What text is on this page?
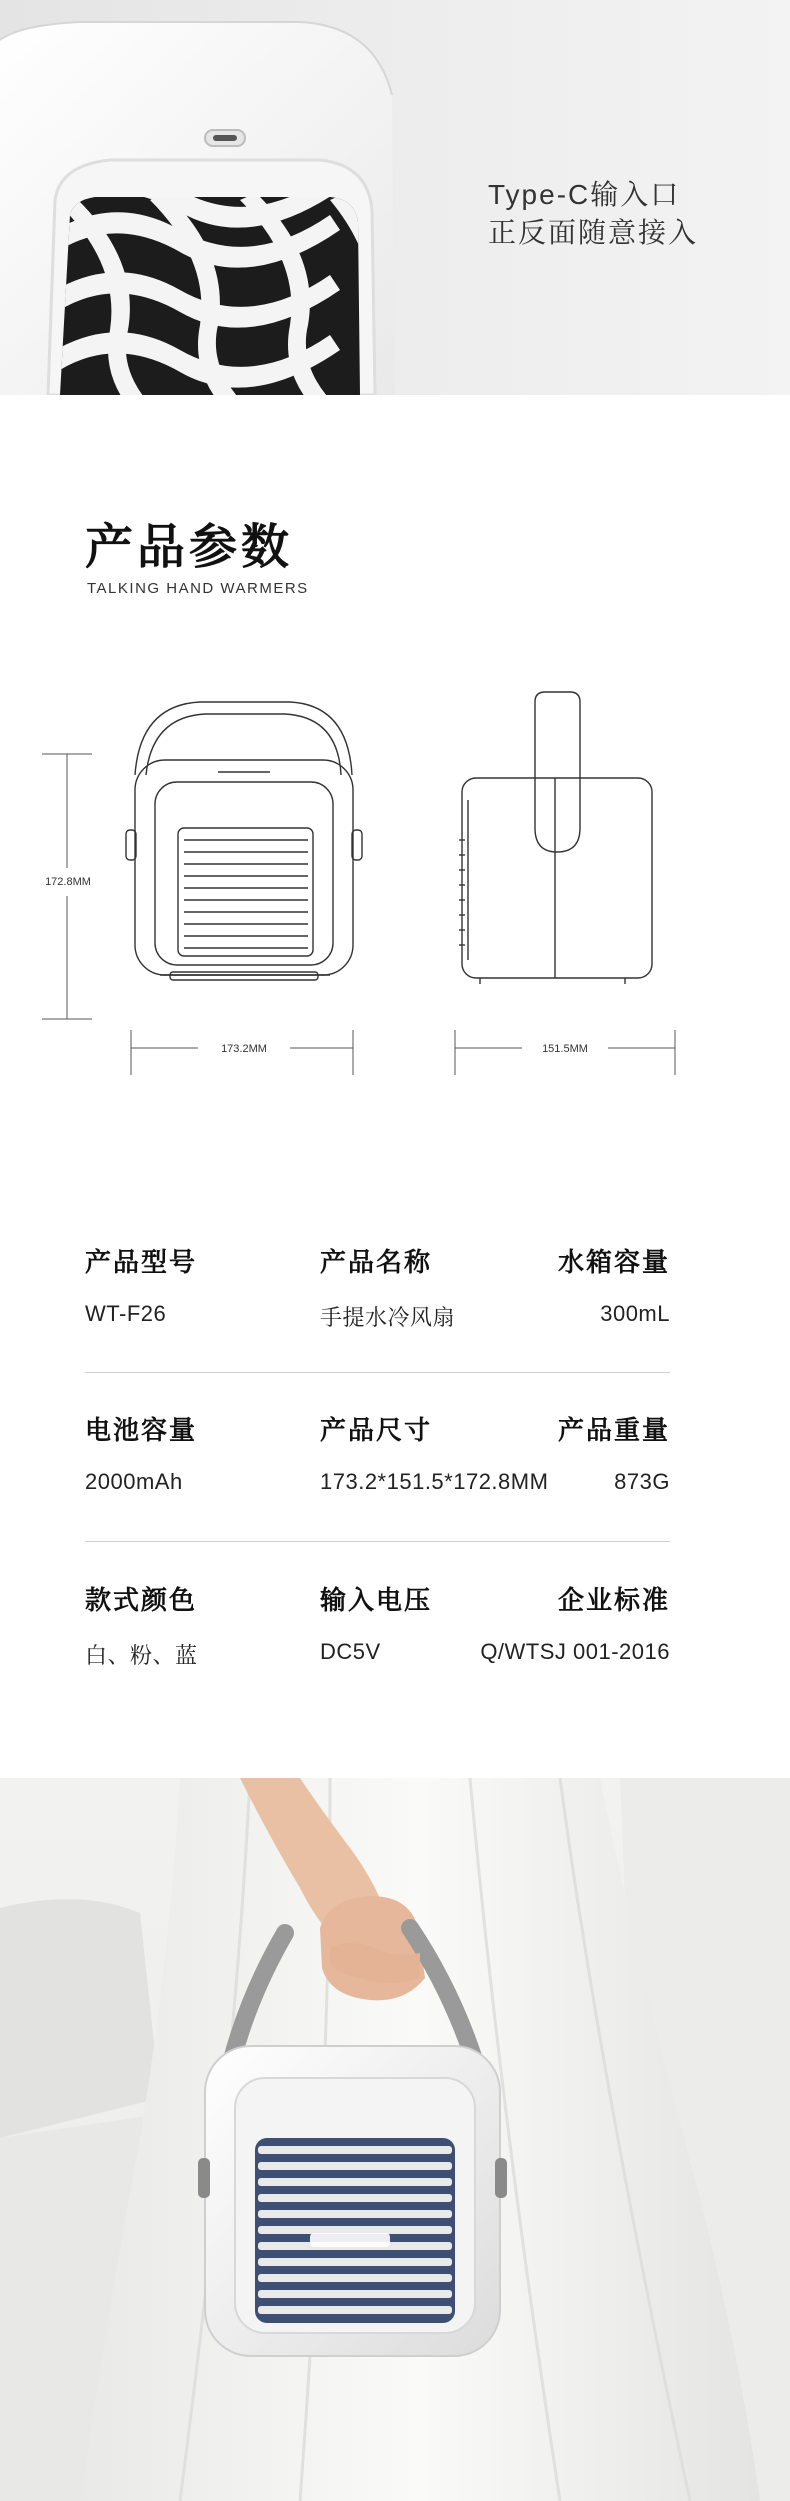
Type-C输入口
正反面随意接入
产品参数
TALKING HAND WARMERS
172.8MM
173.2MM	151.5MM
产品型号
WT-F26
产品名称
手提水冷风扇
水箱容量
300mL
电池容量
2000mAh
产品尺寸
173.2*151.5*172.8MM
产品重量
873G
款式颜色
白、粉、蓝
输入电压
DC5V
企业标准
Q/WTSJ 001-2016
